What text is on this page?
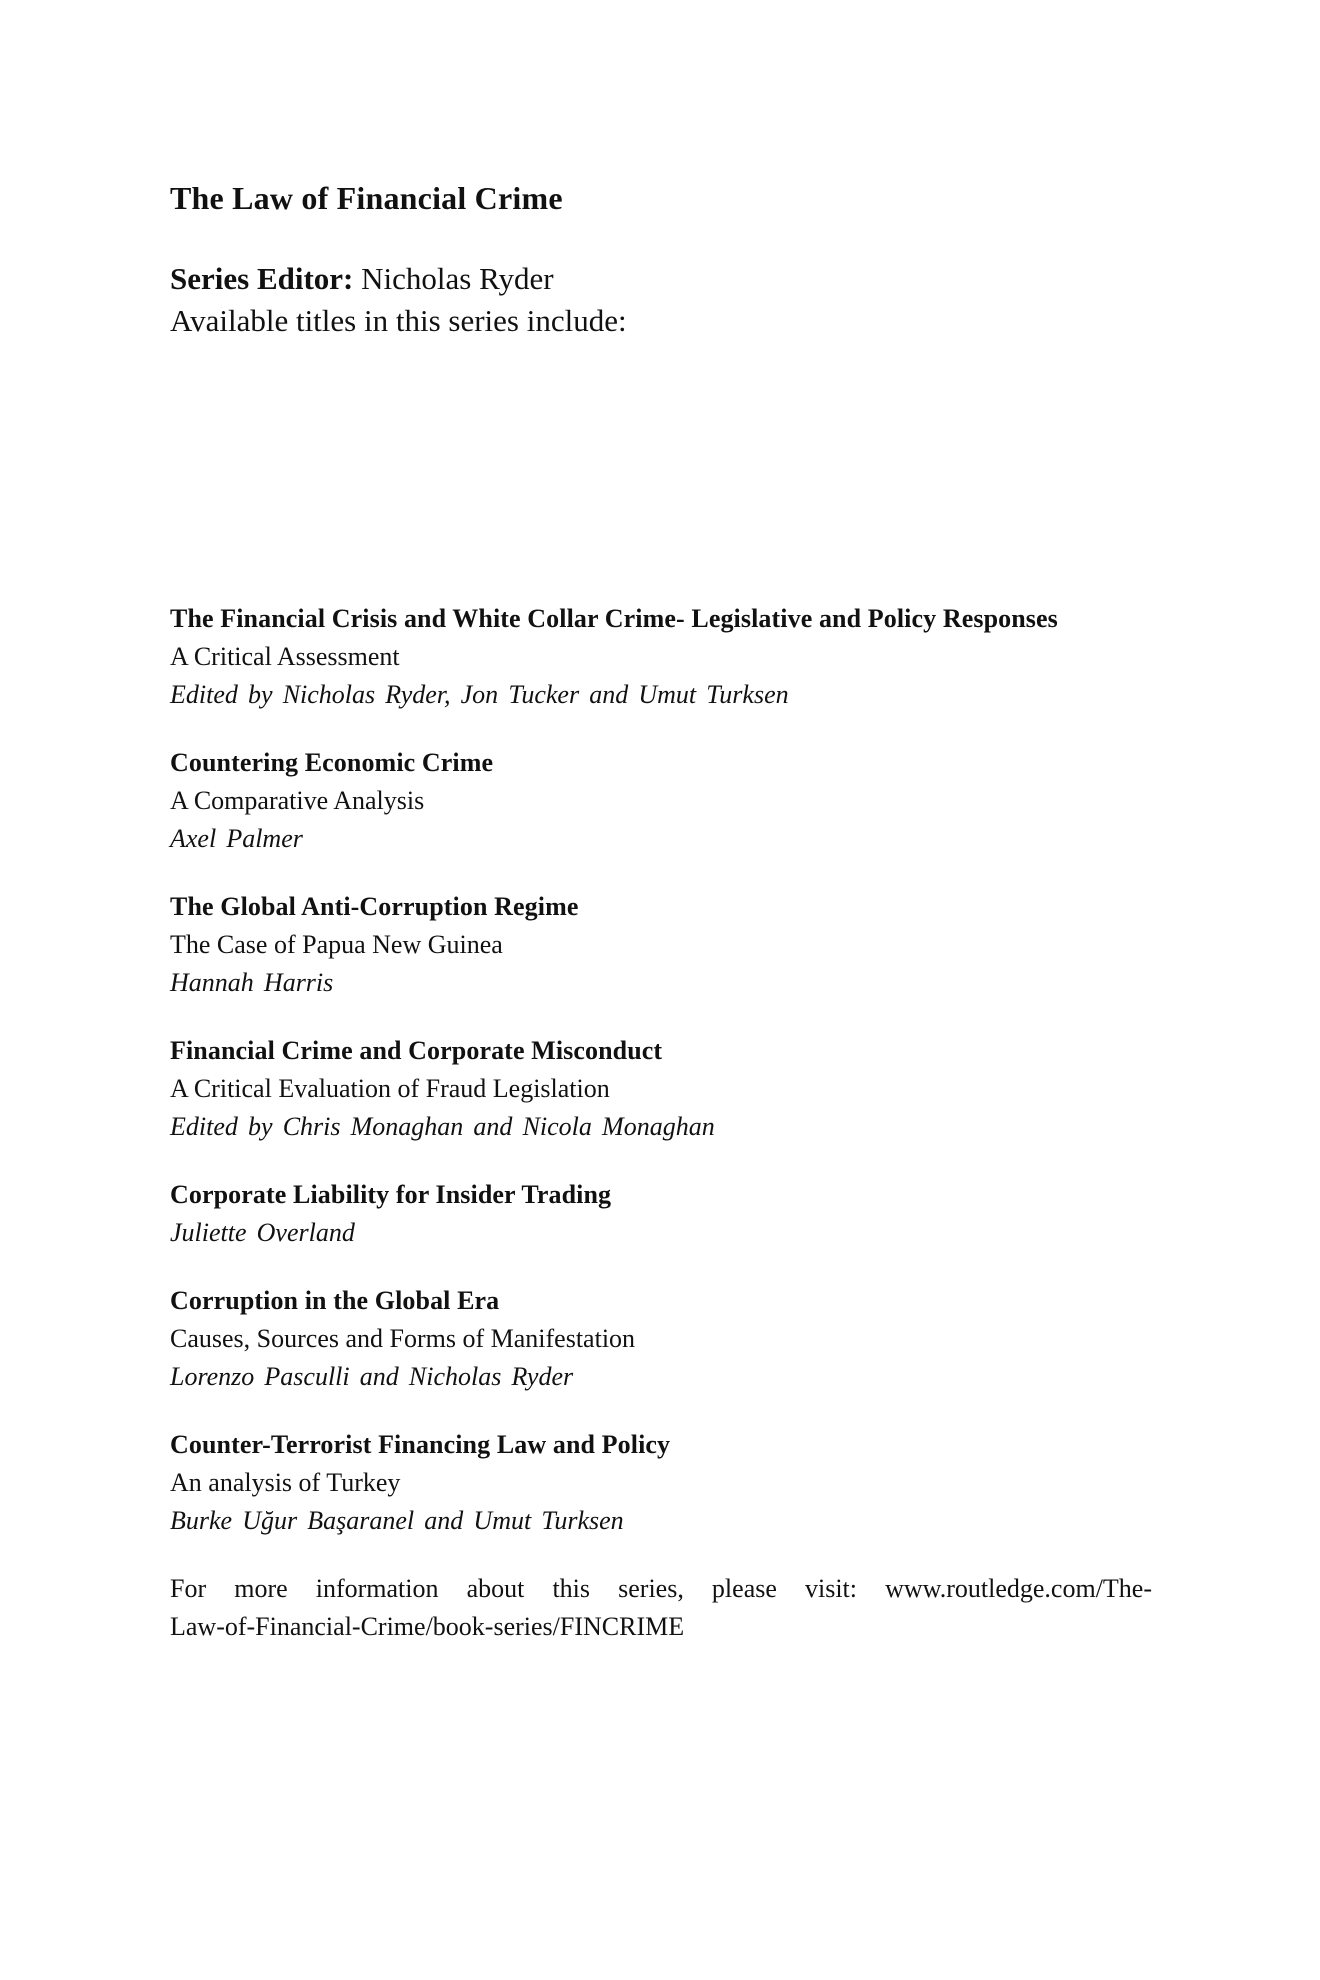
The Law of Financial Crime
Series Editor: Nicholas Ryder
Available titles in this series include:
The Financial Crisis and White Collar Crime- Legislative and Policy Responses
A Critical Assessment
Edited by Nicholas Ryder, Jon Tucker and Umut Turksen
Countering Economic Crime
A Comparative Analysis
Axel Palmer
The Global Anti-Corruption Regime
The Case of Papua New Guinea
Hannah Harris
Financial Crime and Corporate Misconduct
A Critical Evaluation of Fraud Legislation
Edited by Chris Monaghan and Nicola Monaghan
Corporate Liability for Insider Trading
Juliette Overland
Corruption in the Global Era
Causes, Sources and Forms of Manifestation
Lorenzo Pasculli and Nicholas Ryder
Counter-Terrorist Financing Law and Policy
An analysis of Turkey
Burke Uğur Başaranel and Umut Turksen
For more information about this series, please visit: www.routledge.com/The-
Law-of-Financial-Crime/book-series/FINCRIME
